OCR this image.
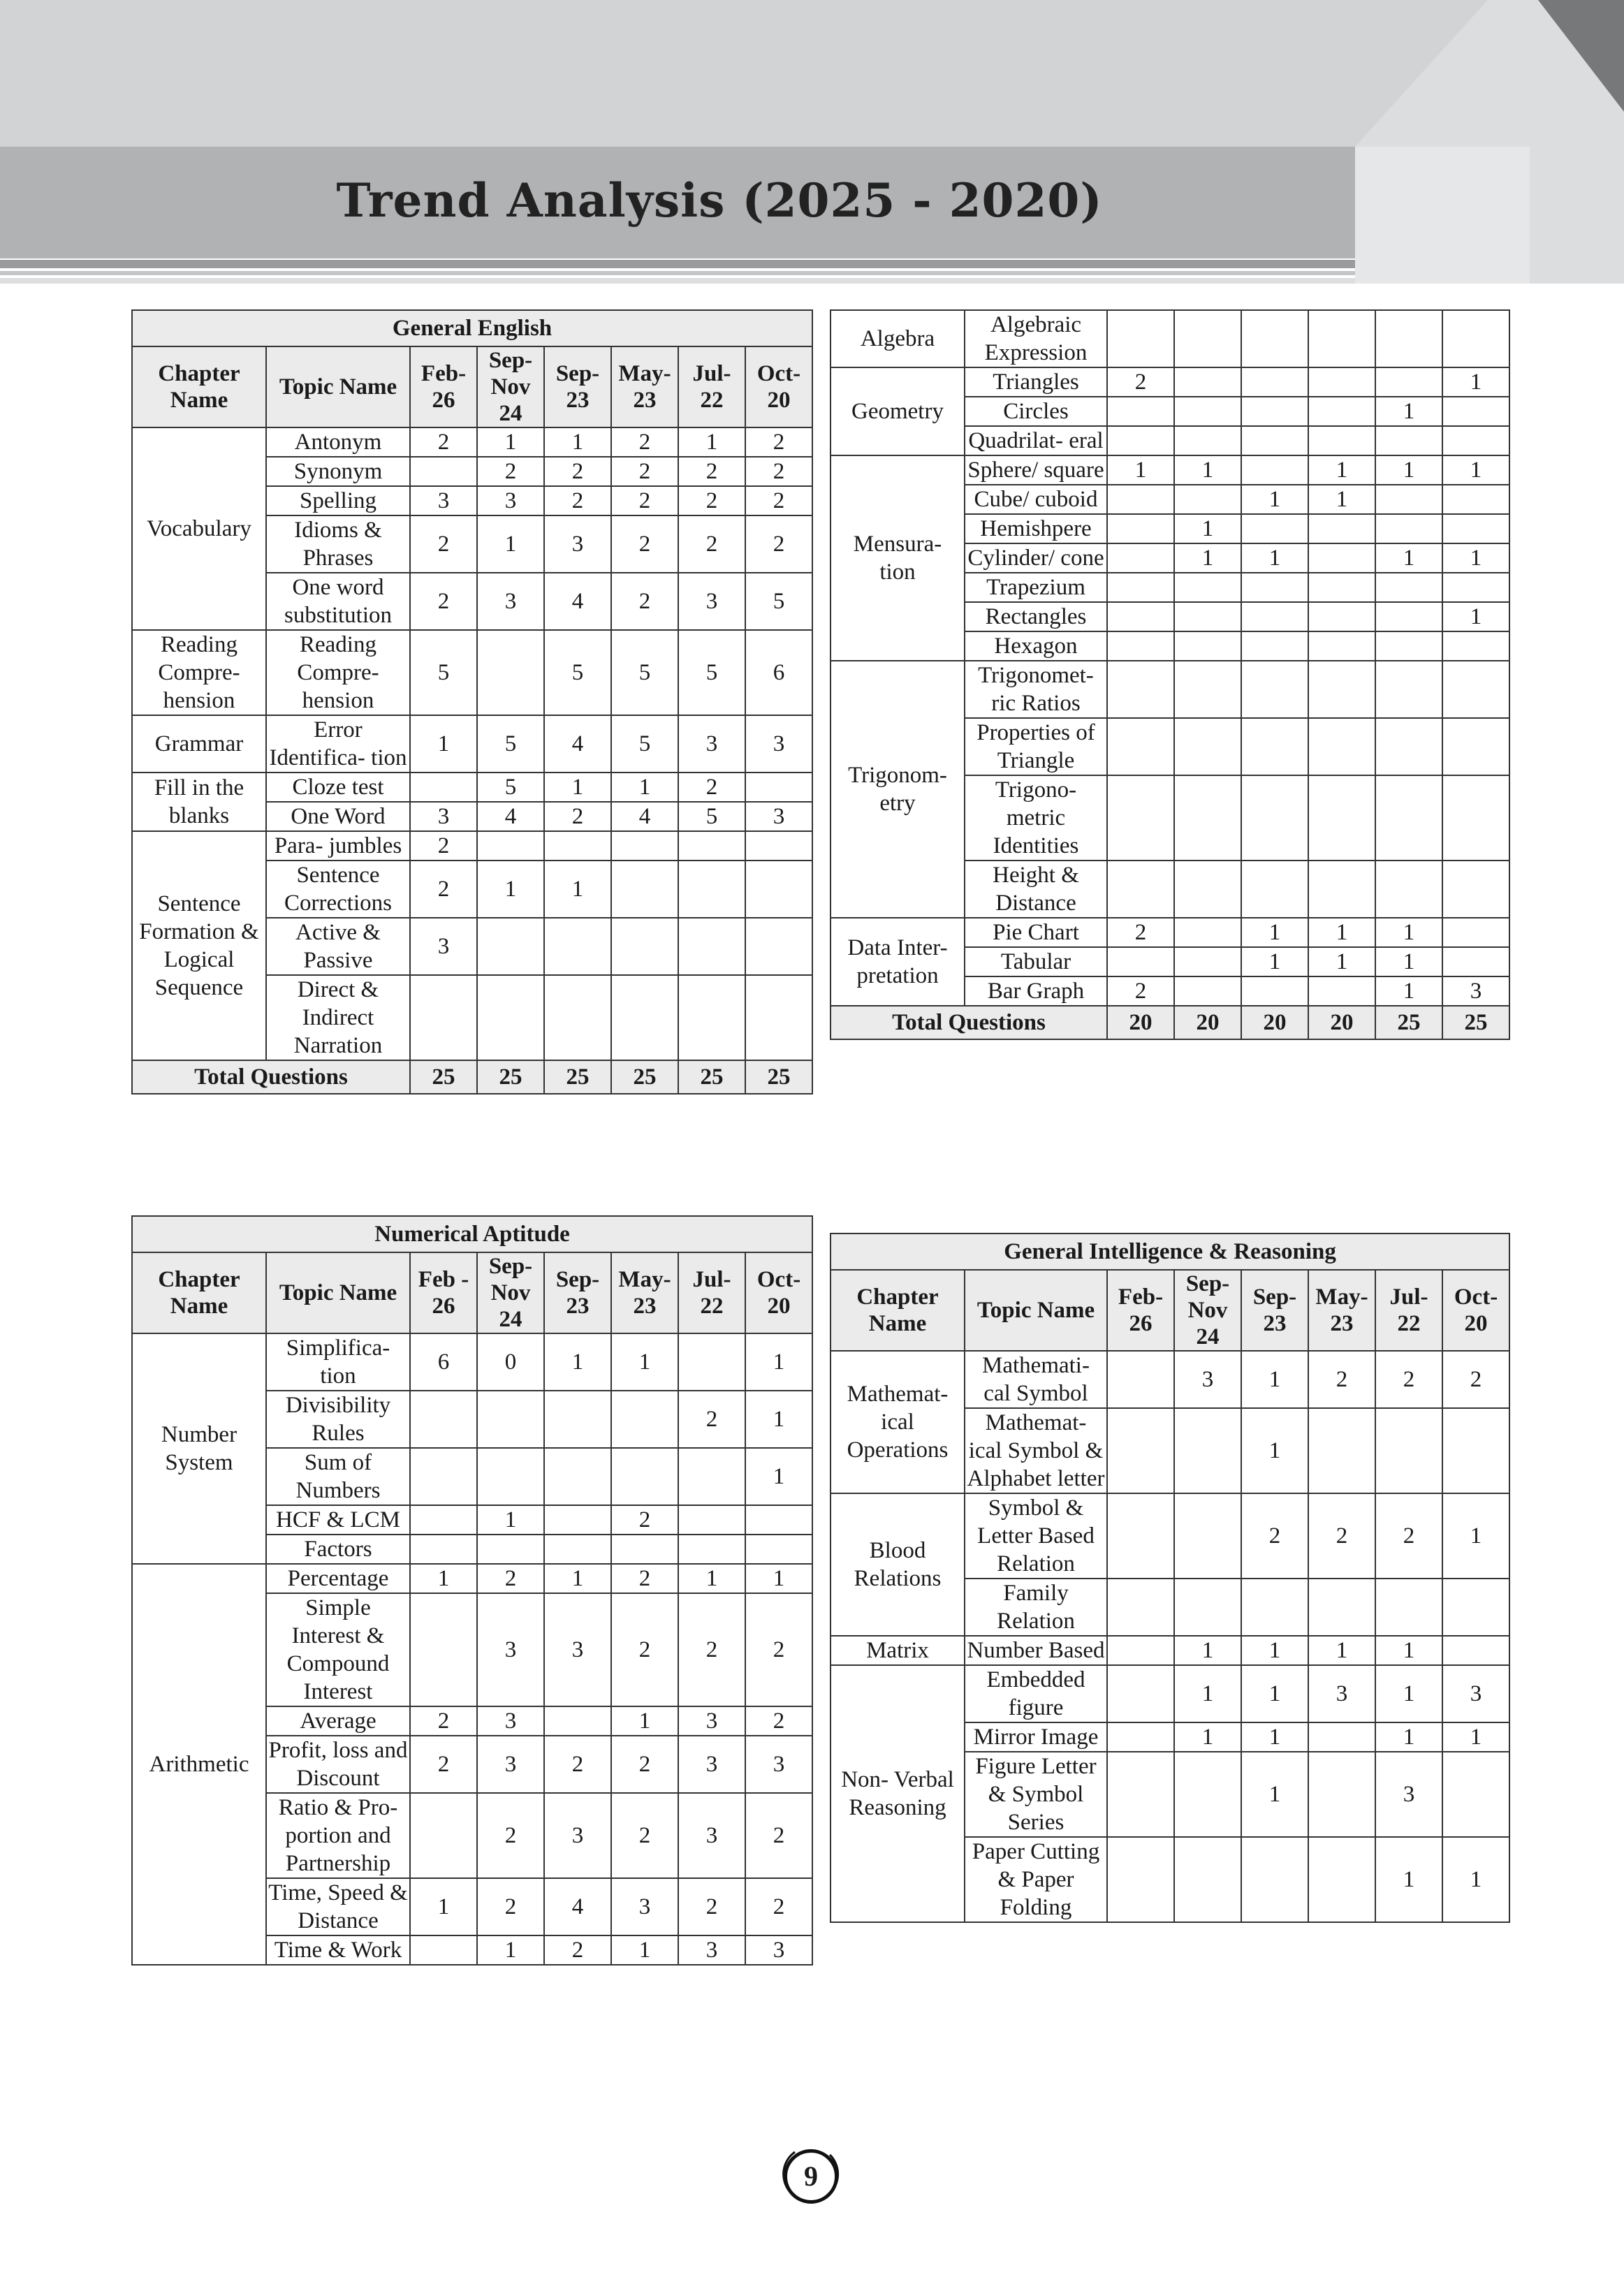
Trend Analysis (2025 - 2020)
General English							
Chapter Name	Topic Name	Feb- 26	Sep- Nov 24	Sep- 23	May- 23	Jul- 22	Oct- 20
Vocabulary	Antonym	2	1	1	2	1	2
	Synonym		2	2	2	2	2
	Spelling	3	3	2	2	2	2
	Idioms & Phrases	2	1	3	2	2	2
	One word substitution	2	3	4	2	3	5
Reading Compre- hension	Reading Compre- hension	5		5	5	5	6
Grammar	Error Identifica- tion	1	5	4	5	3	3
Fill in the blanks	Cloze test		5	1	1	2	
	One Word	3	4	2	4	5	3
Sentence Formation & Logical Sequence	Para- jumbles	2					
	Sentence Corrections	2	1	1			
	Active & Passive	3					
	Direct & Indirect Narration						
Total Questions		25	25	25	25	25	25
Algebra	Algebraic Expression						
Geometry	Triangles	2					1
	Circles					1	
	Quadrilat- eral						
Mensura- tion	Sphere/ square	1	1		1	1	1
	Cube/ cuboid			1	1		
	Hemishpere		1				
	Cylinder/ cone		1	1		1	1
	Trapezium						
	Rectangles						1
	Hexagon						
Trigonom- etry	Trigonomet- ric Ratios						
	Properties of Triangle						
	Trigono- metric Identities						
	Height & Distance						
Data Inter- pretation	Pie Chart	2		1	1	1	
	Tabular			1	1	1	
	Bar Graph	2				1	3
Total Questions		20	20	20	20	25	25
Numerical Aptitude							
Chapter Name	Topic Name	Feb - 26	Sep- Nov 24	Sep- 23	May- 23	Jul- 22	Oct- 20
Number System	Simplifica- tion	6	0	1	1		1
	Divisibility Rules					2	1
	Sum of Numbers						1
	HCF & LCM		1		2		
	Factors						
Arithmetic	Percentage	1	2	1	2	1	1
	Simple Interest & Compound Interest		3	3	2	2	2
	Average	2	3		1	3	2
	Profit, loss and Discount	2	3	2	2	3	3
	Ratio & Pro- portion and Partnership		2	3	2	3	2
	Time, Speed & Distance	1	2	4	3	2	2
	Time & Work		1	2	1	3	3
General Intelligence & Reasoning							
Chapter Name	Topic Name	Feb- 26	Sep- Nov 24	Sep- 23	May- 23	Jul- 22	Oct- 20
Mathemat- ical Operations	Mathemati- cal Symbol		3	1	2	2	2
	Mathemat- ical Symbol & Alphabet letter			1			
Blood Relations	Symbol & Letter Based Relation			2	2	2	1
	Family Relation						
Matrix	Number Based		1	1	1	1	
Non- Verbal Reasoning	Embedded figure		1	1	3	1	3
	Mirror Image		1	1		1	1
	Figure Letter & Symbol Series			1		3	
	Paper Cutting & Paper Folding					1	1
9
